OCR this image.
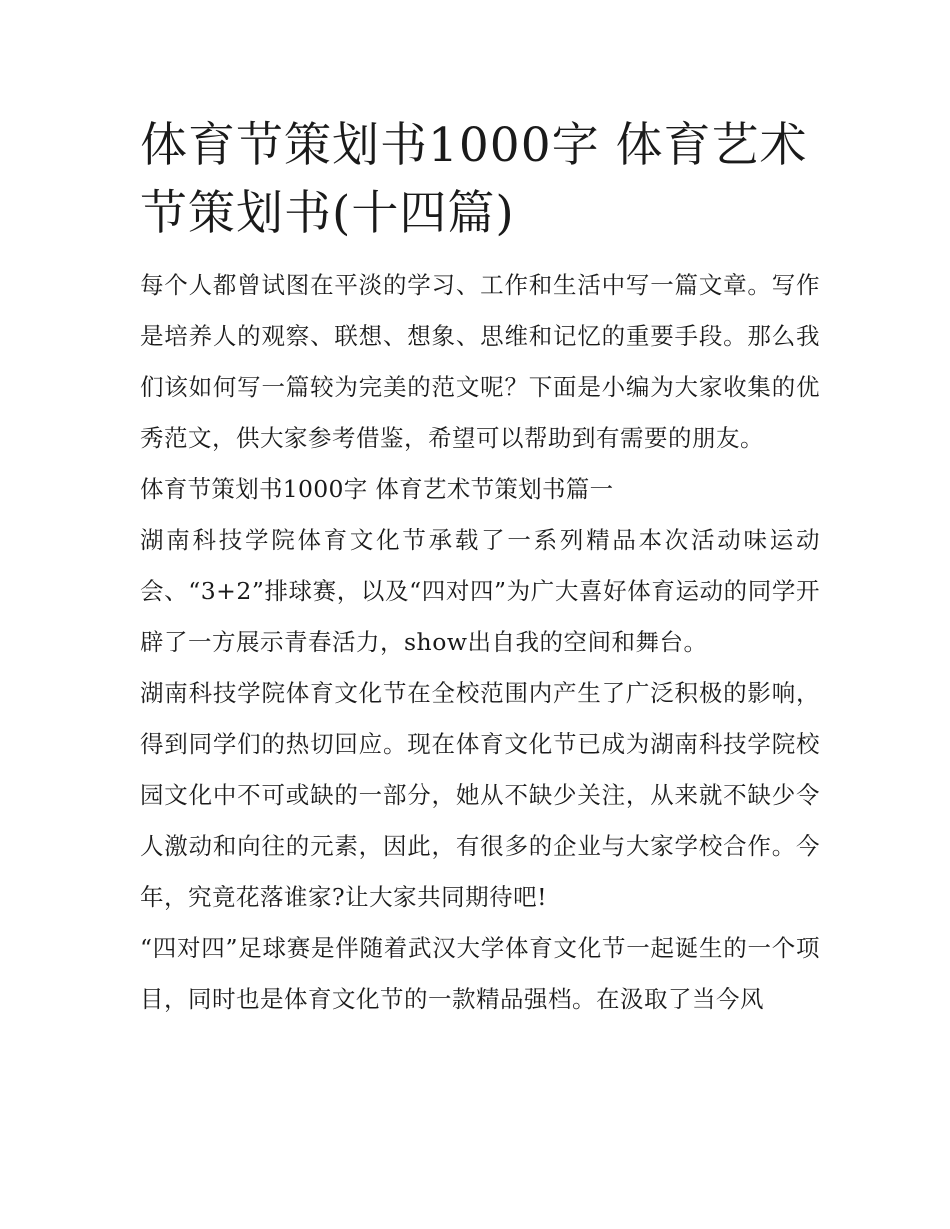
体育节策划书1000字 体育艺术节策划书(十四篇)

每个人都曾试图在平淡的学习、工作和生活中写一篇文章。写作是培养人的观察、联想、想象、思维和记忆的重要手段。那么我们该如何写一篇较为完美的范文呢？下面是小编为大家收集的优秀范文，供大家参考借鉴，希望可以帮助到有需要的朋友。

体育节策划书1000字 体育艺术节策划书篇一

湖南科技学院体育文化节承载了一系列精品本次活动味运动会、“3+2”排球赛，以及“四对四”为广大喜好体育运动的同学开辟了一方展示青春活力，show出自我的空间和舞台。

湖南科技学院体育文化节在全校范围内产生了广泛积极的影响，得到同学们的热切回应。现在体育文化节已成为湖南科技学院校园文化中不可或缺的一部分，她从不缺少关注，从来就不缺少令人激动和向往的元素，因此，有很多的企业与大家学校合作。今年，究竟花落谁家?让大家共同期待吧!

“四对四”足球赛是伴随着武汉大学体育文化节一起诞生的一个项目，同时也是体育文化节的一款精品强档。在汲取了当今风
